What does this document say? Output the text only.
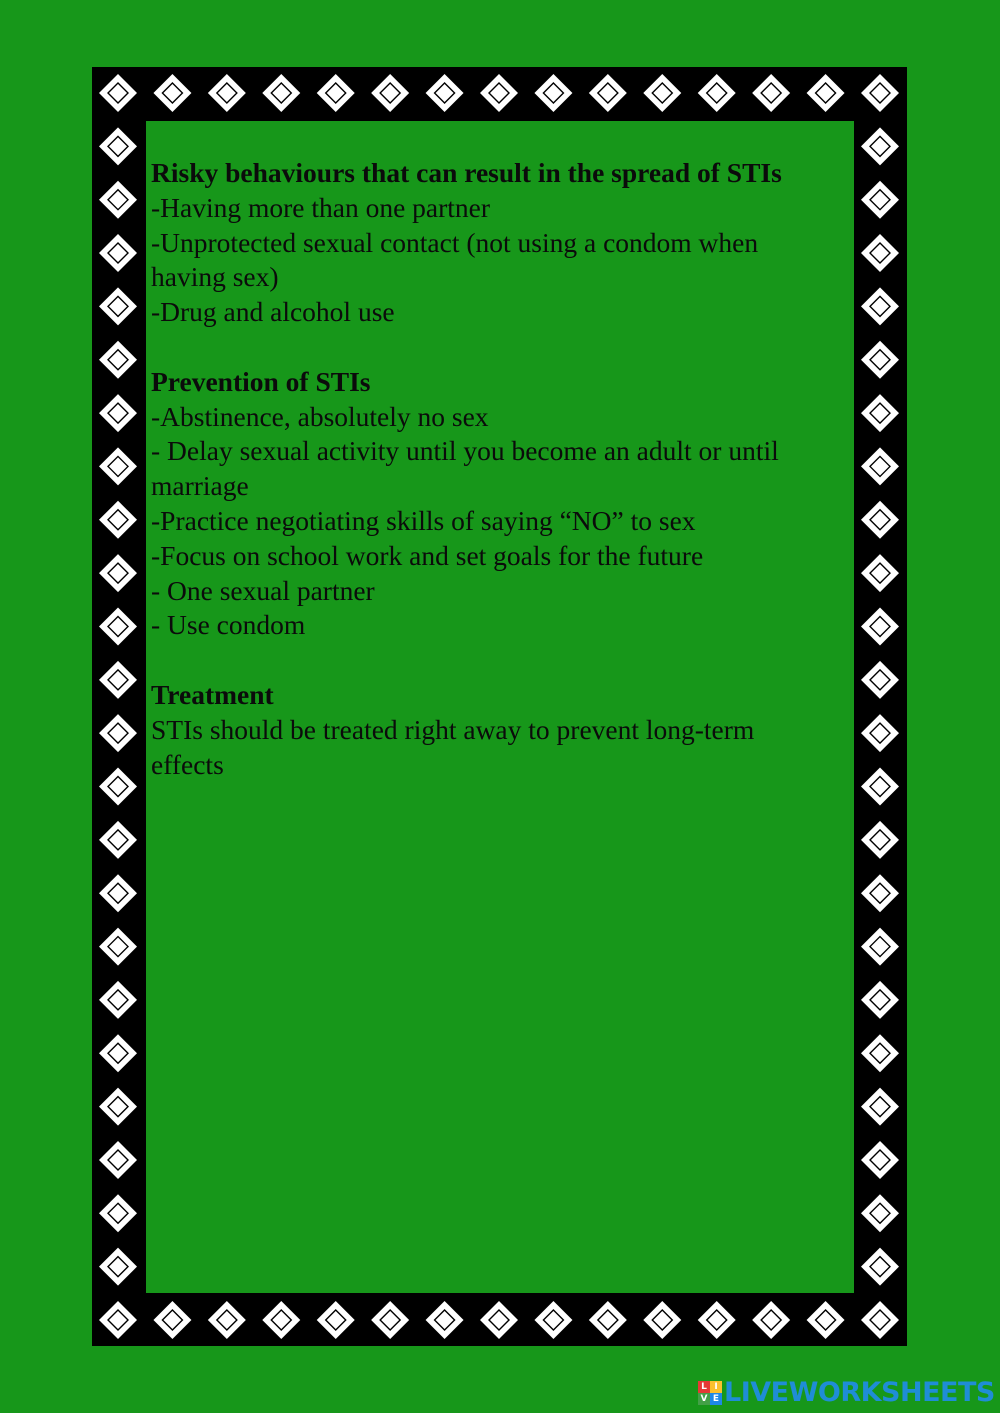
Risky behaviours that can result in the spread of STIs

-Having more than one partner

-Unprotected sexual contact (not using a condom when

having sex)

-Drug and alcohol use

Prevention of STIs

-Abstinence, absolutely no sex

- Delay sexual activity until you become an adult or until

marriage

-Practice negotiating skills of saying “NO” to sex

-Focus on school work and set goals for the future

- One sexual partner

- Use condom

Treatment

STIs should be treated right away to prevent long-term

effects

L I
V E LIVEWORKSHEETS
